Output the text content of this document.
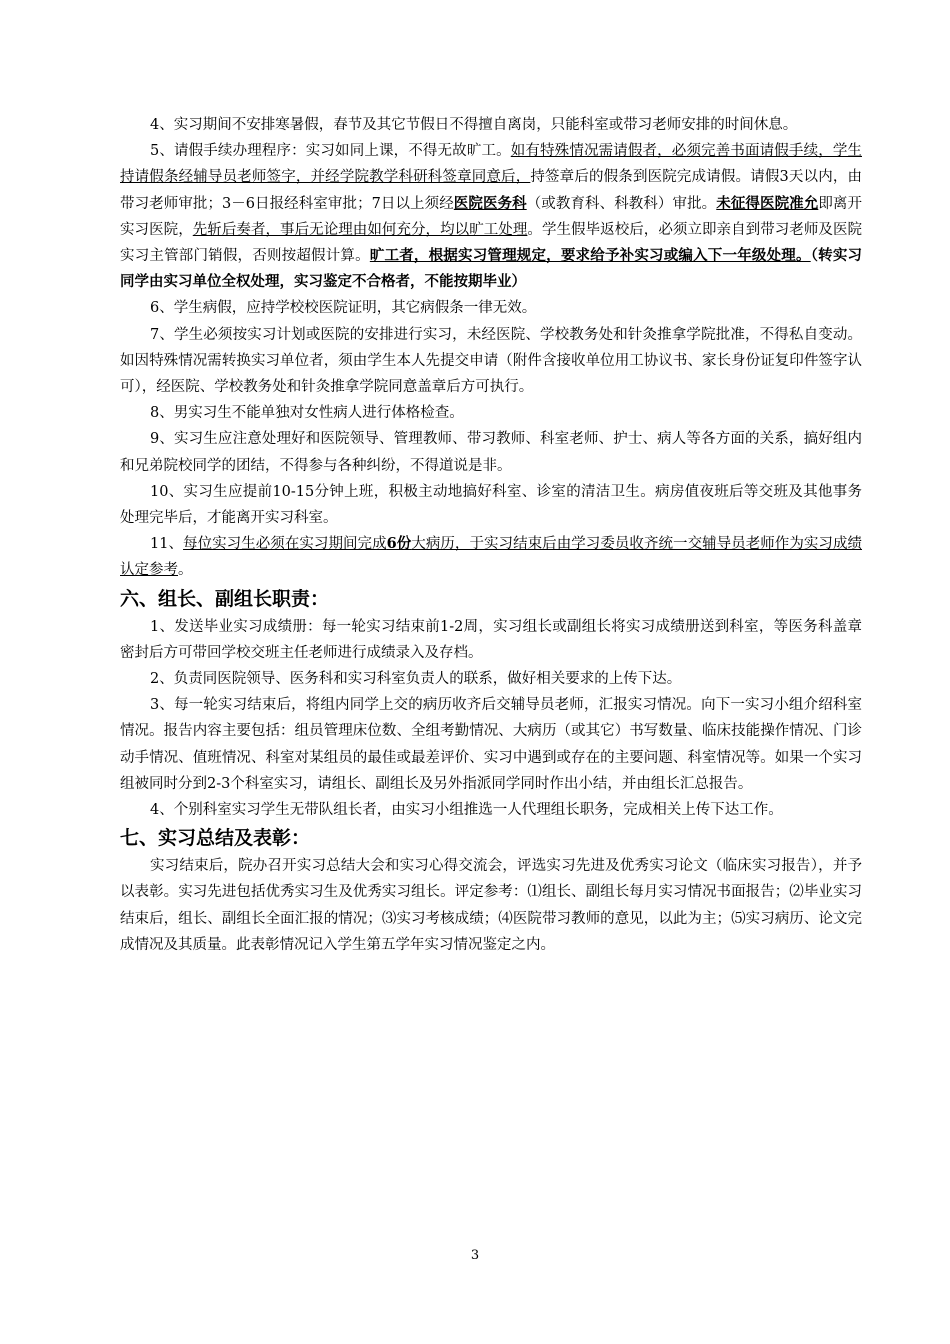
4、实习期间不安排寒暑假，春节及其它节假日不得擅自离岗，只能科室或带习老师安排的时间休息。

5、请假手续办理程序：实习如同上课，不得无故旷工。如有特殊情况需请假者，必须完善书面请假手续，学生持请假条经辅导员老师签字，并经学院教学科研科签章同意后，持签章后的假条到医院完成请假。请假3天以内，由带习老师审批；3－6日报经科室审批；7日以上须经医院医务科（或教育科、科教科）审批。未征得医院准允即离开实习医院，先斩后奏者，事后无论理由如何充分，均以旷工处理。学生假毕返校后，必须立即亲自到带习老师及医院实习主管部门销假，否则按超假计算。旷工者，根据实习管理规定，要求给予补实习或编入下一年级处理。（转实习同学由实习单位全权处理，实习鉴定不合格者，不能按期毕业）

6、学生病假，应持学校校医院证明，其它病假条一律无效。

7、学生必须按实习计划或医院的安排进行实习，未经医院、学校教务处和针灸推拿学院批准，不得私自变动。如因特殊情况需转换实习单位者，须由学生本人先提交申请（附件含接收单位用工协议书、家长身份证复印件签字认可），经医院、学校教务处和针灸推拿学院同意盖章后方可执行。

8、男实习生不能单独对女性病人进行体格检查。

9、实习生应注意处理好和医院领导、管理教师、带习教师、科室老师、护士、病人等各方面的关系，搞好组内和兄弟院校同学的团结，不得参与各种纠纷，不得道说是非。

10、实习生应提前10-15分钟上班，积极主动地搞好科室、诊室的清洁卫生。病房值夜班后等交班及其他事务处理完毕后，才能离开实习科室。

11、每位实习生必须在实习期间完成6份大病历，于实习结束后由学习委员收齐统一交辅导员老师作为实习成绩认定参考。

六、组长、副组长职责：

1、发送毕业实习成绩册：每一轮实习结束前1-2周，实习组长或副组长将实习成绩册送到科室，等医务科盖章密封后方可带回学校交班主任老师进行成绩录入及存档。

2、负责同医院领导、医务科和实习科室负责人的联系，做好相关要求的上传下达。

3、每一轮实习结束后，将组内同学上交的病历收齐后交辅导员老师，汇报实习情况。向下一实习小组介绍科室情况。报告内容主要包括：组员管理床位数、全组考勤情况、大病历（或其它）书写数量、临床技能操作情况、门诊动手情况、值班情况、科室对某组员的最佳或最差评价、实习中遇到或存在的主要问题、科室情况等。如果一个实习组被同时分到2-3个科室实习，请组长、副组长及另外指派同学同时作出小结，并由组长汇总报告。

4、个别科室实习学生无带队组长者，由实习小组推选一人代理组长职务，完成相关上传下达工作。

七、实习总结及表彰：

实习结束后，院办召开实习总结大会和实习心得交流会，评选实习先进及优秀实习论文（临床实习报告），并予以表彰。实习先进包括优秀实习生及优秀实习组长。评定参考：⑴组长、副组长每月实习情况书面报告；⑵毕业实习结束后，组长、副组长全面汇报的情况；⑶实习考核成绩；⑷医院带习教师的意见，以此为主；⑸实习病历、论文完成情况及其质量。此表彰情况记入学生第五学年实习情况鉴定之内。

3
